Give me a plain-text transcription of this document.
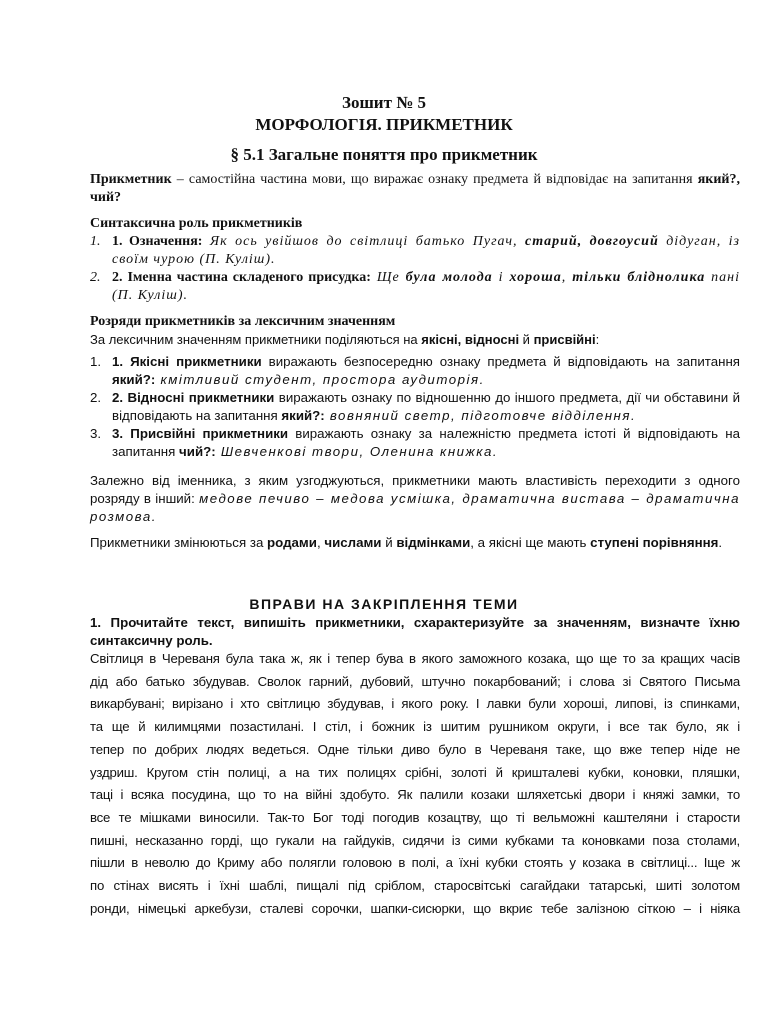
Зошит № 5
МОРФОЛОГІЯ. ПРИКМЕТНИК
§ 5.1 Загальне поняття про прикметник
Прикметник – самостійна частина мови, що виражає ознаку предмета й відповідає на запитання який?, чий?
Синтаксична роль прикметників
1. 1. Означення: Як ось увійшов до світлиці батько Пугач, старий, довгоусий дідуган, із своїм чурою (П. Куліш).
2. 2. Іменна частина складеного присудка: Ще була молода і хороша, тільки бліднолика пані (П. Куліш).
Розряди прикметників за лексичним значенням
За лексичним значенням прикметники поділяються на якісні, відносні й присвійні:
1. 1. Якісні прикметники виражають безпосередню ознаку предмета й відповідають на запитання який?: кмітливий студент, простора аудиторія.
2. 2. Відносні прикметники виражають ознаку по відношенню до іншого предмета, дії чи обставини й відповідають на запитання який?: вовняний светр, підготовче відділення.
3. 3. Присвійні прикметники виражають ознаку за належністю предмета істоті й відповідають на запитання чий?: Шевченкові твори, Оленина книжка.
Залежно від іменника, з яким узгоджуються, прикметники мають властивість переходити з одного розряду в інший: медове печиво – медова усмішка, драматична вистава – драматична розмова.
Прикметники змінюються за родами, числами й відмінками, а якісні ще мають ступені порівняння.
ВПРАВИ НА ЗАКРІПЛЕННЯ ТЕМИ
1. Прочитайте текст, випишіть прикметники, схарактеризуйте за значенням, визначте їхню синтаксичну роль.
Світлиця в Череваня була така ж, як і тепер бува в якого заможного козака, що ще то за кращих часів
дід або батько збудував. Сволок гарний, дубовий, штучно покарбований; і слова зі Святого Письма
викарбувані; вирізано і хто світлицю збудував, і якого року. І лавки були хороші, липові, із спинками,
та ще й килимцями позастилані. І стіл, і божник із шитим рушником округи, і все так було, як і
тепер по добрих людях ведеться. Одне тільки диво було в Череваня таке, що вже тепер ніде не
уздриш. Кругом стін полиці, а на тих полицях срібні, золоті й кришталеві кубки, коновки, пляшки,
таці і всяка посудина, що то на війні здобуто. Як палили козаки шляхетські двори і княжі замки, то
все те мішками виносили. Так-то Бог тоді погодив козацтву, що ті вельможні каштеляни і старости
пишні, несказанно горді, що гукали на гайдуків, сидячи із сими кубками та коновками поза столами,
пішли в неволю до Криму або полягли головою в полі, а їхні кубки стоять у козака в світлиці... Іще ж
по стінах висять і їхні шаблі, пищалі під сріблом, старосвітські сагайдаки татарські, шиті золотом
ронди, німецькі аркебузи, сталеві сорочки, шапки-сисюрки, що вкриє тебе залізною сіткою – і ніяка
